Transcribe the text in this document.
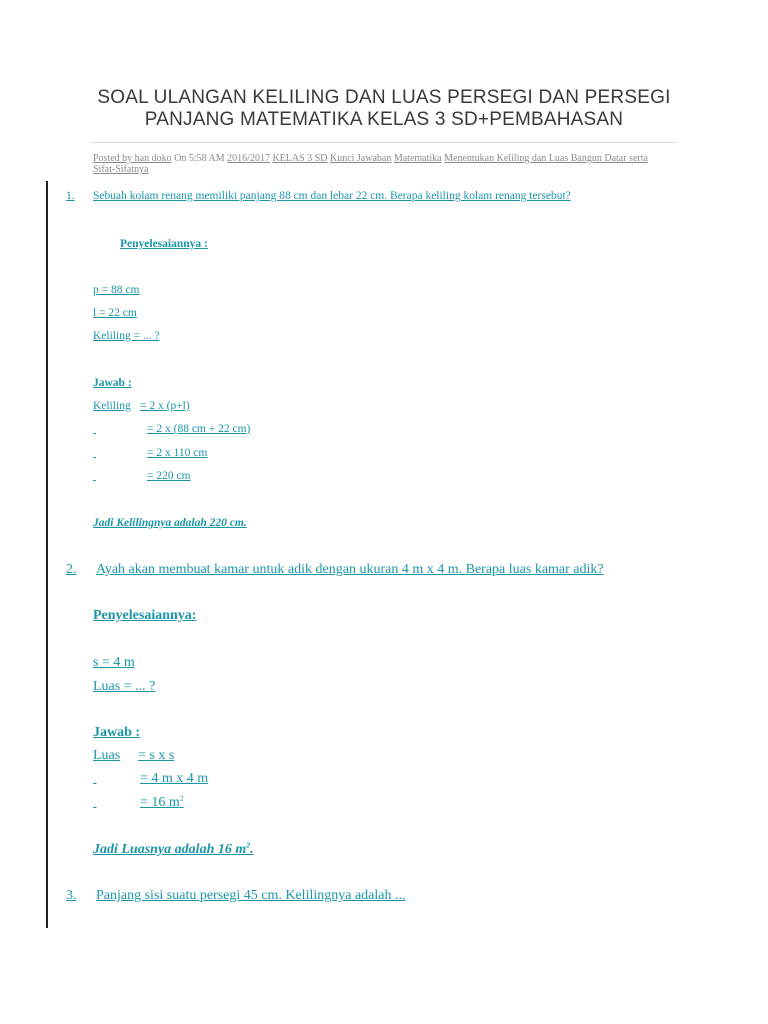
SOAL ULANGAN KELILING DAN LUAS PERSEGI DAN PERSEGI
PANJANG MATEMATIKA KELAS 3 SD+PEMBAHASAN
Posted by han doko On 5:58 AM 2016/2017 KELAS 3 SD Kunci Jawaban Matematika Menentukan Keliling dan Luas Bangun Datar serta Sifat-Sifatnya
1. Sebuah kolam renang memiliki panjang 88 cm dan lebar 22 cm. Berapa keliling kolam renang tersebut?
Penyelesaiannya :
p = 88 cm
l = 22 cm
Keliling = ... ?
Jawab :
Keliling = 2 x (p+l)

= 2 x (88 cm + 22 cm)

= 2 x 110 cm

= 220 cm
Jadi Kelilingnya adalah 220 cm.
2. Ayah akan membuat kamar untuk adik dengan ukuran 4 m x 4 m. Berapa luas kamar adik?
Penyelesaiannya:
s = 4 m
Luas = ... ?
Jawab :
Luas = s x s

= 4 m x 4 m

= 16 $m^2$
Jadi Luasnya adalah 16 $m^2$.
3. Panjang sisi suatu persegi 45 cm. Kelilingnya adalah ...
